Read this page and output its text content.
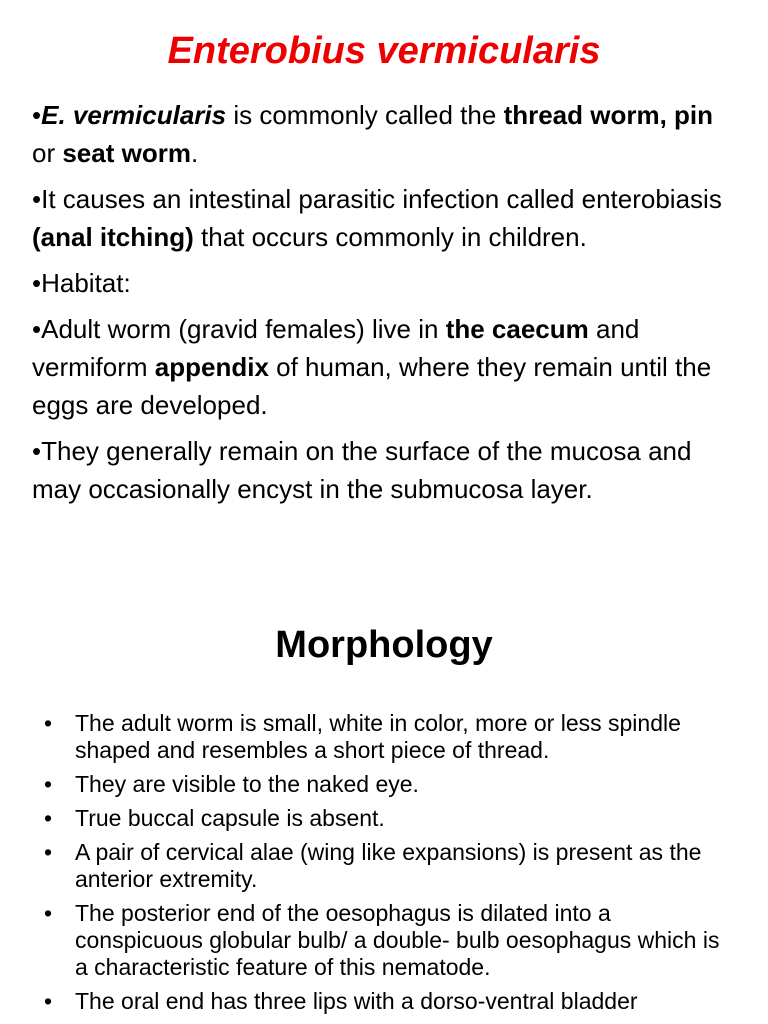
Enterobius vermicularis

•E. vermicularis is commonly called the thread worm, pin or seat worm.

•It causes an intestinal parasitic infection called enterobiasis (anal itching) that occurs commonly in children.

•Habitat:

•Adult worm (gravid females) live in the caecum and vermiform appendix of human, where they remain until the eggs are developed.

•They generally remain on the surface of the mucosa and may occasionally encyst in the submucosa layer.

Morphology
• The adult worm is small, white in color, more or less spindle shaped and resembles a short piece of thread.
• They are visible to the naked eye.
• True buccal capsule is absent.
• A pair of cervical alae (wing like expansions) is present as the anterior extremity.
• The posterior end of the oesophagus is dilated into a conspicuous globular bulb/ a double- bulb oesophagus which is a characteristic feature of this nematode.
• The oral end has three lips with a dorso-ventral bladder
